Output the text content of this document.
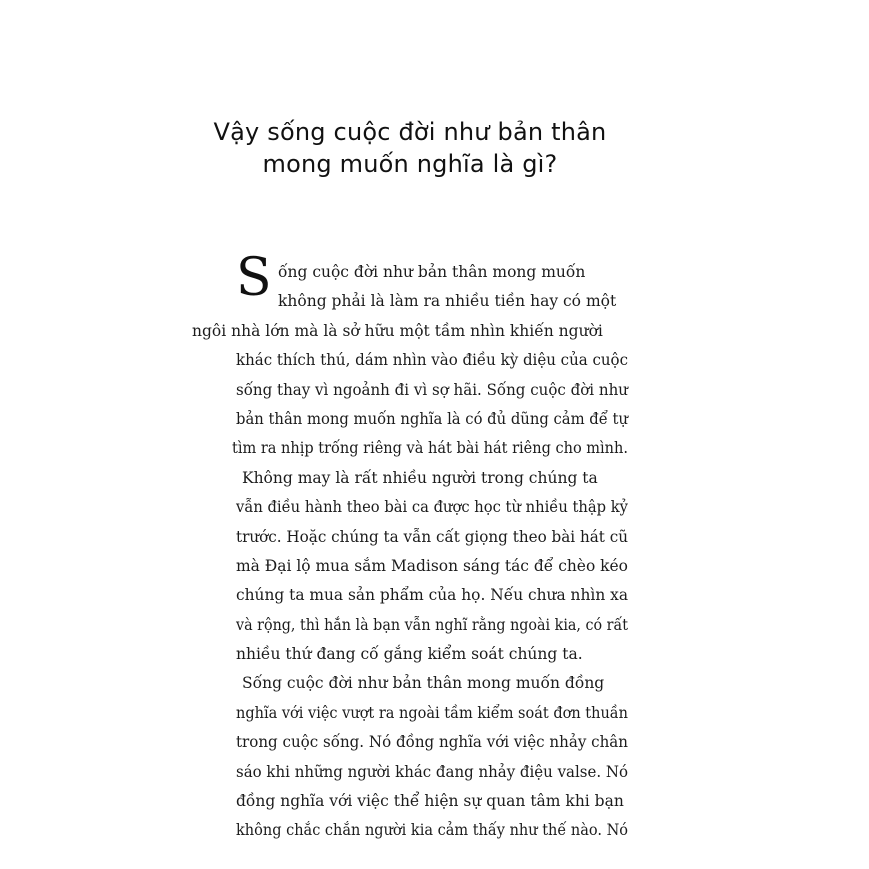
Vậy sống cuộc đời như bản thân
mong muốn nghĩa là gì?
S ống cuộc đời như bản thân mong muốn
không phải là làm ra nhiều tiền hay có một
ngôi nhà lớn mà là sở hữu một tầm nhìn khiến người
khác thích thú, dám nhìn vào điều kỳ diệu của cuộc
sống thay vì ngoảnh đi vì sợ hãi. Sống cuộc đời như
bản thân mong muốn nghĩa là có đủ dũng cảm để tự
tìm ra nhịp trống riêng và hát bài hát riêng cho mình.
Không may là rất nhiều người trong chúng ta
vẫn điều hành theo bài ca được học từ nhiều thập kỷ
trước. Hoặc chúng ta vẫn cất giọng theo bài hát cũ
mà Đại lộ mua sắm Madison sáng tác để chèo kéo
chúng ta mua sản phẩm của họ. Nếu chưa nhìn xa
và rộng, thì hẳn là bạn vẫn nghĩ rằng ngoài kia, có rất
nhiều thứ đang cố gắng kiểm soát chúng ta.
Sống cuộc đời như bản thân mong muốn đồng
nghĩa với việc vượt ra ngoài tầm kiểm soát đơn thuần
trong cuộc sống. Nó đồng nghĩa với việc nhảy chân
sáo khi những người khác đang nhảy điệu valse. Nó
đồng nghĩa với việc thể hiện sự quan tâm khi bạn
không chắc chắn người kia cảm thấy như thế nào. Nó
